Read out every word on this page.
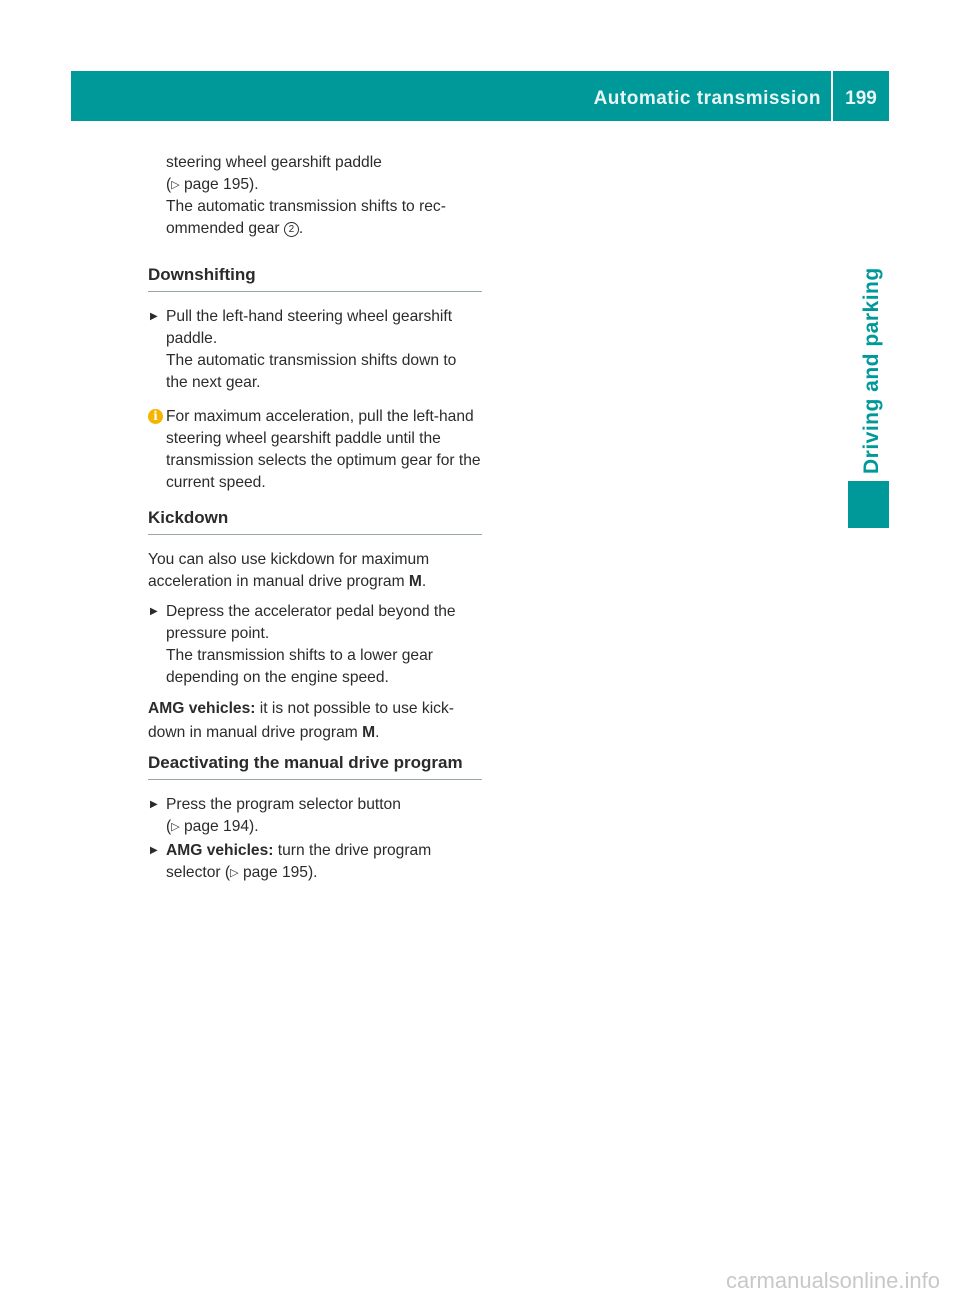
Automatic transmission	199
Driving and parking

steering wheel gearshift paddle

(▷ page 195).

The automatic transmission shifts to rec-

ommended gear 2 .

Downshifting
▶ Pull the left-hand steering wheel gearshift paddle.

The automatic transmission shifts down to the next gear.

i For maximum acceleration, pull the left-hand steering wheel gearshift paddle until the transmission selects the optimum gear for the current speed.

Kickdown

You can also use kickdown for maximum acceleration in manual drive program M.

▶ Depress the accelerator pedal beyond the pressure point.

The transmission shifts to a lower gear depending on the engine speed.

AMG vehicles: it is not possible to use kick-down in manual drive program M.

Deactivating the manual drive program
▶ Press the program selector button

(▷ page 194).

▶ AMG vehicles: turn the drive program selector (▷ page 195).

carmanualsonline.info
